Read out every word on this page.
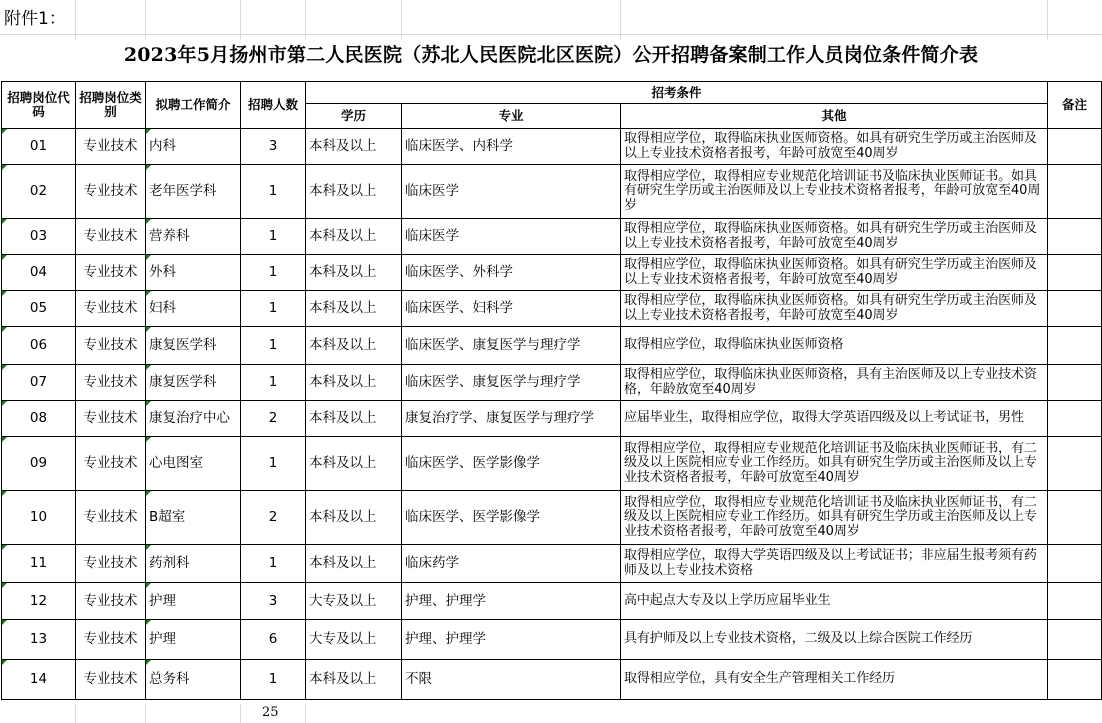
附件1：
2023年5月扬州市第二人民医院（苏北人民医院北区医院）公开招聘备案制工作人员岗位条件简介表
招聘岗位代码	招聘岗位类别	拟聘工作简介	招聘人数	招考条件			备注
				学历	专业	其他	
01	专业技术	内科	3	本科及以上	临床医学、内科学	取得相应学位，取得临床执业医师资格。如具有研究生学历或主治医师及以上专业技术资格者报考，年龄可放宽至40周岁	
02	专业技术	老年医学科	1	本科及以上	临床医学	取得相应学位，取得相应专业规范化培训证书及临床执业医师证书。如具有研究生学历或主治医师及以上专业技术资格者报考，年龄可放宽至40周岁	
03	专业技术	营养科	1	本科及以上	临床医学	取得相应学位，取得临床执业医师资格。如具有研究生学历或主治医师及以上专业技术资格者报考，年龄可放宽至40周岁	
04	专业技术	外科	1	本科及以上	临床医学、外科学	取得相应学位，取得临床执业医师资格。如具有研究生学历或主治医师及以上专业技术资格者报考，年龄可放宽至40周岁	
05	专业技术	妇科	1	本科及以上	临床医学、妇科学	取得相应学位，取得临床执业医师资格。如具有研究生学历或主治医师及以上专业技术资格者报考，年龄可放宽至40周岁	
06	专业技术	康复医学科	1	本科及以上	临床医学、康复医学与理疗学	取得相应学位，取得临床执业医师资格	
07	专业技术	康复医学科	1	本科及以上	临床医学、康复医学与理疗学	取得相应学位，取得临床执业医师资格，具有主治医师及以上专业技术资格，年龄放宽至40周岁	
08	专业技术	康复治疗中心	2	本科及以上	康复治疗学、康复医学与理疗学	应届毕业生，取得相应学位，取得大学英语四级及以上考试证书，男性	
09	专业技术	心电图室	1	本科及以上	临床医学、医学影像学	取得相应学位，取得相应专业规范化培训证书及临床执业医师证书，有二级及以上医院相应专业工作经历。如具有研究生学历或主治医师及以上专业技术资格者报考，年龄可放宽至40周岁	
10	专业技术	B超室	2	本科及以上	临床医学、医学影像学	取得相应学位，取得相应专业规范化培训证书及临床执业医师证书，有二级及以上医院相应专业工作经历。如具有研究生学历或主治医师及以上专业技术资格者报考，年龄可放宽至40周岁	
11	专业技术	药剂科	1	本科及以上	临床药学	取得相应学位，取得大学英语四级及以上考试证书；非应届生报考须有药师及以上专业技术资格	
12	专业技术	护理	3	大专及以上	护理、护理学	高中起点大专及以上学历应届毕业生	
13	专业技术	护理	6	大专及以上	护理、护理学	具有护师及以上专业技术资格，二级及以上综合医院工作经历	
14	专业技术	总务科	1	本科及以上	不限	取得相应学位，具有安全生产管理相关工作经历	
25
